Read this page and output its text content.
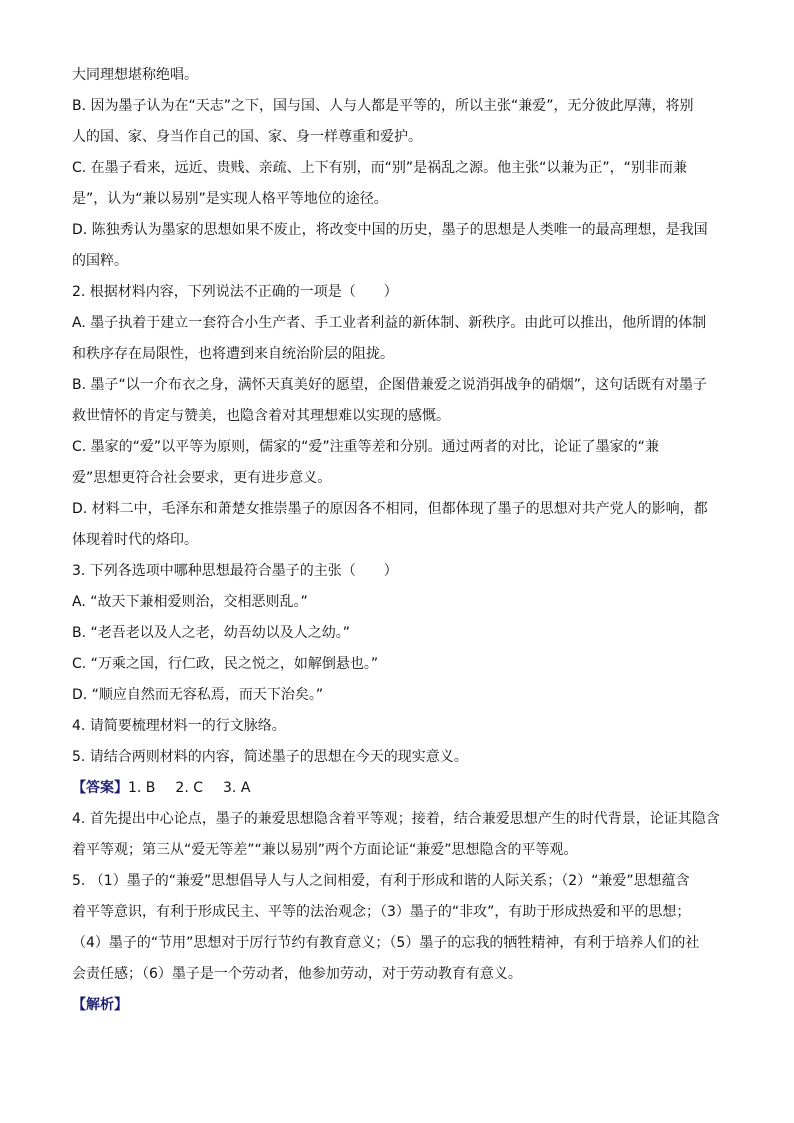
大同理想堪称绝唱。
B. 因为墨子认为在“天志”之下，国与国、人与人都是平等的，所以主张“兼爱”，无分彼此厚薄，将别
人的国、家、身当作自己的国、家、身一样尊重和爱护。
C. 在墨子看来，远近、贵贱、亲疏、上下有别，而“别”是祸乱之源。他主张“以兼为正”，“别非而兼
是”，认为“兼以易别”是实现人格平等地位的途径。
D. 陈独秀认为墨家的思想如果不废止，将改变中国的历史，墨子的思想是人类唯一的最高理想，是我国
的国粹。
2. 根据材料内容，下列说法不正确的一项是（　　）
A. 墨子执着于建立一套符合小生产者、手工业者利益的新体制、新秩序。由此可以推出，他所谓的体制
和秩序存在局限性，也将遭到来自统治阶层的阻拢。
B. 墨子“以一介布衣之身，满怀天真美好的愿望，企图借兼爱之说消弭战争的硝烟”，这句话既有对墨子
救世情怀的肯定与赞美，也隐含着对其理想难以实现的感慨。
C. 墨家的“爱”以平等为原则，儒家的“爱”注重等差和分别。通过两者的对比，论证了墨家的“兼
爱”思想更符合社会要求，更有进步意义。
D. 材料二中，毛泽东和萧楚女推崇墨子的原因各不相同，但都体现了墨子的思想对共产党人的影响，都
体现着时代的烙印。
3. 下列各选项中哪种思想最符合墨子的主张（　　）
A. “故天下兼相爱则治，交相恶则乱。”
B. “老吾老以及人之老，幼吾幼以及人之幼。”
C. “万乘之国，行仁政，民之悦之，如解倒悬也。”
D. “顺应自然而无容私焉，而天下治矣。”
4. 请简要梳理材料一的行文脉络。
5. 请结合两则材料的内容，简述墨子的思想在今天的现实意义。
【答案】1. B 2. C 3. A
4. 首先提出中心论点，墨子的兼爱思想隐含着平等观；接着，结合兼爱思想产生的时代背景，论证其隐含
着平等观；第三从“爱无等差”“兼以易别”两个方面论证“兼爱”思想隐含的平等观。
5. （1）墨子的“兼爱”思想倡导人与人之间相爱，有利于形成和谐的人际关系；（2）“兼爱”思想蕴含
着平等意识，有利于形成民主、平等的法治观念；（3）墨子的“非攻”，有助于形成热爱和平的思想；
（4）墨子的“节用”思想对于厉行节约有教育意义；（5）墨子的忘我的牺牲精神，有利于培养人们的社
会责任感；（6）墨子是一个劳动者，他参加劳动，对于劳动教育有意义。
【解析】
